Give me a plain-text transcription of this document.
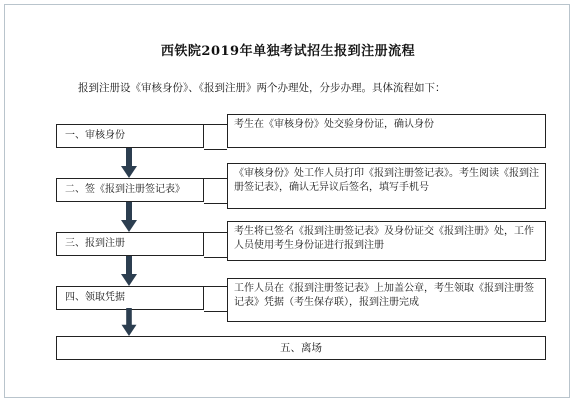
西铁院2019年单独考试招生报到注册流程
报到注册设《审核身份》、《报到注册》两个办理处，分步办理。具体流程如下：
一、审核身份
考生在《审核身份》处交验身份证，确认身份
二、签《报到注册签记表》
《审核身份》处工作人员打印《报到注册签记表》。考生阅读《报到注册签记表》，确认无异议后签名，填写手机号
三、报到注册
考生将已签名《报到注册签记表》及身份证交《报到注册》处，工作人员使用考生身份证进行报到注册
四、领取凭据
工作人员在《报到注册签记表》上加盖公章，考生领取《报到注册签记表》凭据（考生保存联），报到注册完成
五、离场
